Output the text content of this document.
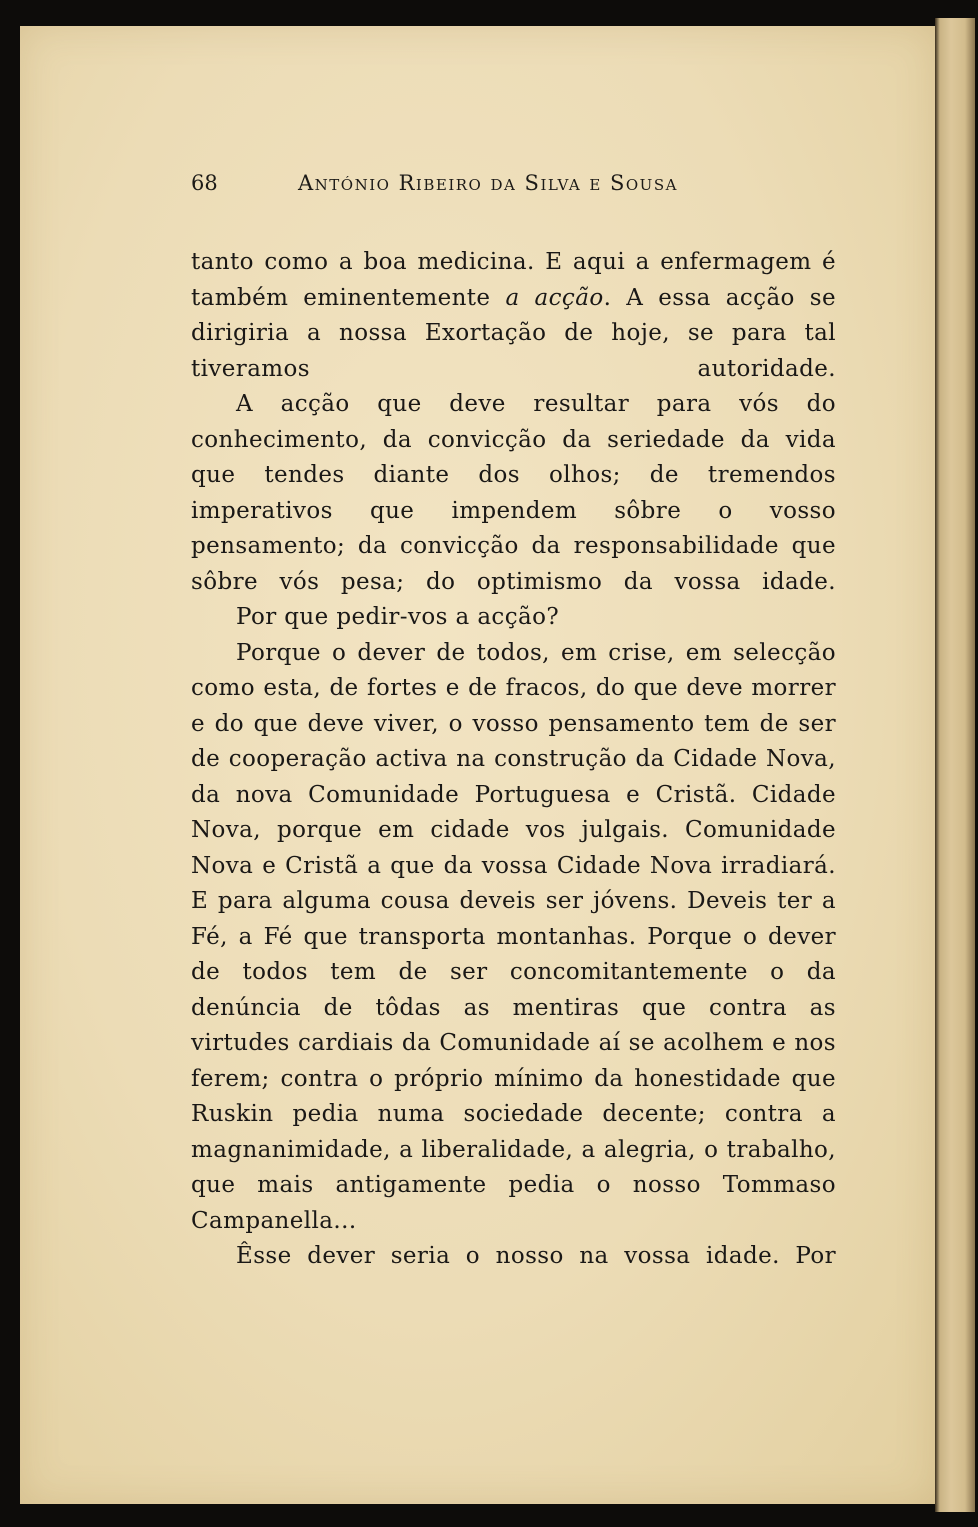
68	António Ribeiro da Silva e Sousa

tanto como a boa medicina. E aqui a enfermagem é também eminentemente a acção. A essa acção se dirigiria a nossa Exortação de hoje, se para tal tiveramos autoridade.

A acção que deve resultar para vós do conhecimento, da convicção da seriedade da vida que tendes diante dos olhos; de tremendos imperativos que impendem sôbre o vosso pensamento; da convicção da responsabilidade que sôbre vós pesa; do optimismo da vossa idade.

Por que pedir-vos a acção?

Porque o dever de todos, em crise, em selecção como esta, de fortes e de fracos, do que deve morrer e do que deve viver, o vosso pensamento tem de ser de cooperação activa na construção da Cidade Nova, da nova Comunidade Portuguesa e Cristã. Cidade Nova, porque em cidade vos julgais. Comunidade Nova e Cristã a que da vossa Cidade Nova irradiará. E para alguma cousa deveis ser jóvens. Deveis ter a Fé, a Fé que transporta montanhas. Porque o dever de todos tem de ser concomitantemente o da denúncia de tôdas as mentiras que contra as virtudes cardiais da Comunidade aí se acolhem e nos ferem; contra o próprio mínimo da honestidade que Ruskin pedia numa sociedade decente; contra a magnanimidade, a liberalidade, a alegria, o trabalho, que mais antigamente pedia o nosso Tommaso Campanella...

Êsse dever seria o nosso na vossa idade. Por
